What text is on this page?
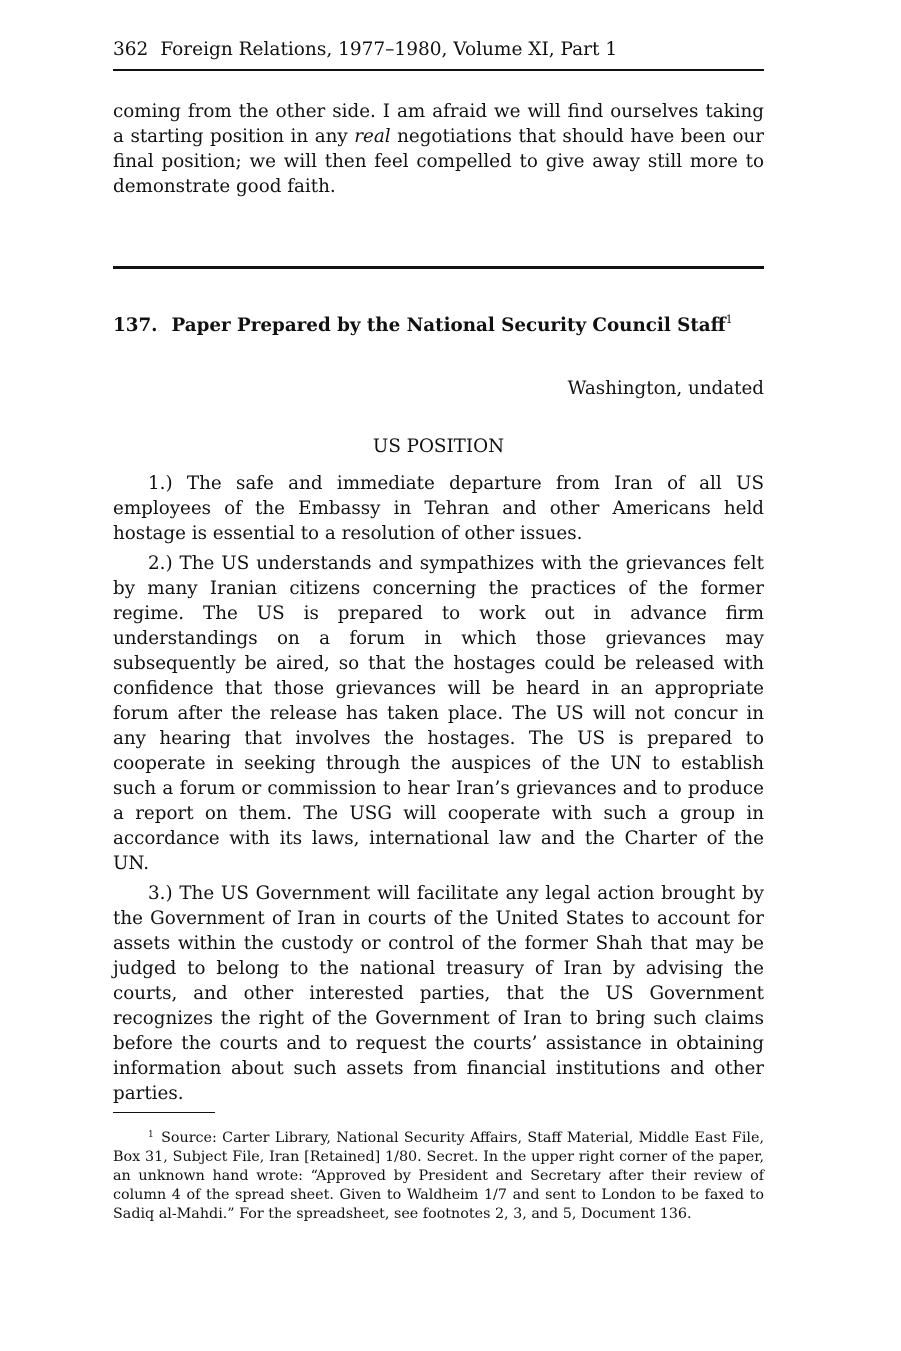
362 Foreign Relations, 1977–1980, Volume XI, Part 1

coming from the other side. I am afraid we will find ourselves taking a starting position in any real negotiations that should have been our final position; we will then feel compelled to give away still more to demonstrate good faith.

137. Paper Prepared by the National Security Council Staff$^1$
Washington, undated
US POSITION

1.) The safe and immediate departure from Iran of all US employees of the Embassy in Tehran and other Americans held hostage is essential to a resolution of other issues.

2.) The US understands and sympathizes with the grievances felt by many Iranian citizens concerning the practices of the former regime. The US is prepared to work out in advance firm understandings on a forum in which those grievances may subsequently be aired, so that the hostages could be released with confidence that those grievances will be heard in an appropriate forum after the release has taken place. The US will not concur in any hearing that involves the hostages. The US is prepared to cooperate in seeking through the auspices of the UN to establish such a forum or commission to hear Iran’s grievances and to produce a report on them. The USG will cooperate with such a group in accordance with its laws, international law and the Charter of the UN.

3.) The US Government will facilitate any legal action brought by the Government of Iran in courts of the United States to account for assets within the custody or control of the former Shah that may be judged to belong to the national treasury of Iran by advising the courts, and other interested parties, that the US Government recognizes the right of the Government of Iran to bring such claims before the courts and to request the courts’ assistance in obtaining information about such assets from financial institutions and other parties.

$^1$ Source: Carter Library, National Security Affairs, Staff Material, Middle East File, Box 31, Subject File, Iran [Retained] 1/80. Secret. In the upper right corner of the paper, an unknown hand wrote: “Approved by President and Secretary after their review of column 4 of the spread sheet. Given to Waldheim 1/7 and sent to London to be faxed to Sadiq al-Mahdi.” For the spreadsheet, see footnotes 2, 3, and 5, Document 136.
